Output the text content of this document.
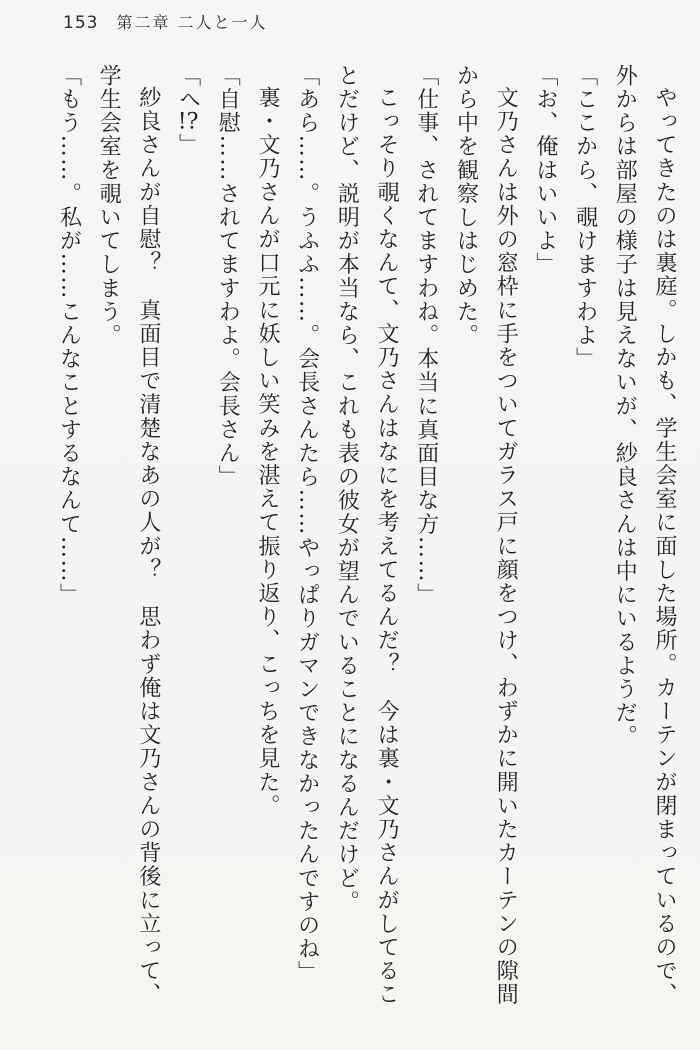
153 第二章 二人と一人

やってきたのは裏庭。しかも、学生会室に面した場所。カーテンが閉まっているので、外からは部屋の様子は見えないが、紗良さんは中にいるようだ。

「ここから、覗けますわよ」

「お、俺はいいよ」

文乃さんは外の窓枠に手をついてガラス戸に顔をつけ、わずかに開いたカーテンの隙間から中を観察しはじめた。

「仕事、されてますわね。本当に真面目な方……」

こっそり覗くなんて、文乃さんはなにを考えてるんだ？　今は裏・文乃さんがしてることだけど、説明が本当なら、これも表の彼女が望んでいることになるんだけど。

「あら……。うふふ……。会長さんたら……やっぱりガマンできなかったんですのね」

裏・文乃さんが口元に妖しい笑みを湛えて振り返り、こっちを見た。

「自慰……されてますわよ。会長さん」

「へ!?」

紗良さんが自慰？　真面目で清楚なあの人が？　思わず俺は文乃さんの背後に立って、学生会室を覗いてしまう。

「もう……。私が……こんなことするなんて……」
